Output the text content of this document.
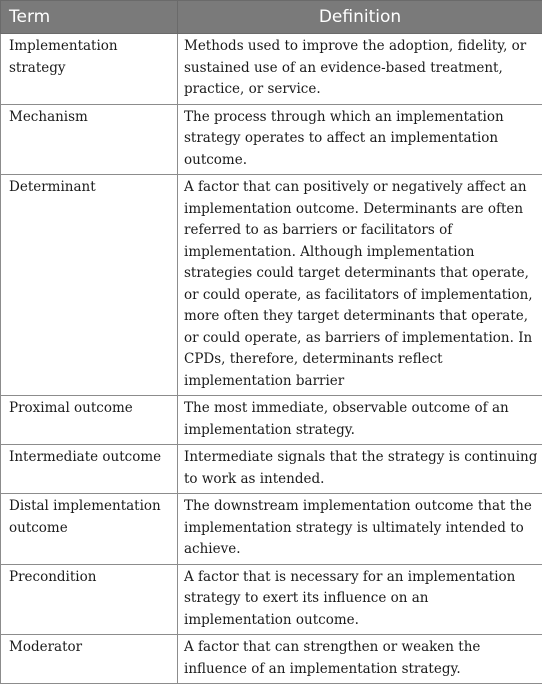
Term	Definition
Implementation strategy	Methods used to improve the adoption, fidelity, or sustained use of an evidence-based treatment, practice, or service.
Mechanism	The process through which an implementation strategy operates to affect an implementation outcome.
Determinant	A factor that can positively or negatively affect an implementation outcome. Determinants are often referred to as barriers or facilitators of implementation. Although implementation strategies could target determinants that operate, or could operate, as facilitators of implementation, more often they target determinants that operate, or could operate, as barriers of implementation. In CPDs, therefore, determinants reflect implementation barrier
Proximal outcome	The most immediate, observable outcome of an implementation strategy.
Intermediate outcome	Intermediate signals that the strategy is continuing to work as intended.
Distal implementation outcome	The downstream implementation outcome that the implementation strategy is ultimately intended to achieve.
Precondition	A factor that is necessary for an implementation strategy to exert its influence on an implementation outcome.
Moderator	A factor that can strengthen or weaken the influence of an implementation strategy.
